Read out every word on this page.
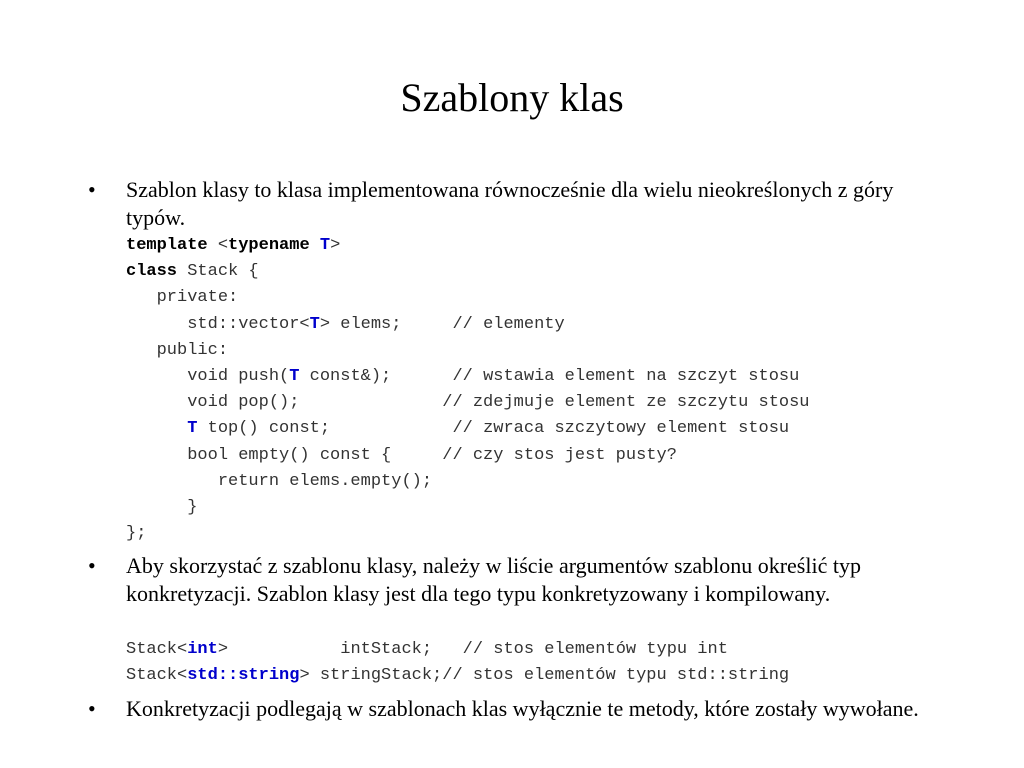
Szablony klas
• Szablon klasy to klasa implementowana równocześnie dla wielu nieokreślonych z góry typów.
template <typename T>
class Stack {
private:
std::vector<T> elems;     // elementy
public:
void push(T const&);      // wstawia element na szczyt stosu
void pop();              // zdejmuje element ze szczytu stosu
T top() const;            // zwraca szczytowy element stosu
bool empty() const {     // czy stos jest pusty?
return elems.empty();
}
};
• Aby skorzystać z szablonu klasy, należy w liście argumentów szablonu określić typ konkretyzacji. Szablon klasy jest dla tego typu konkretyzowany i kompilowany.
Stack<int>           intStack;   // stos elementów typu int
Stack<std::string> stringStack;// stos elementów typu std::string
• Konkretyzacji podlegają w szablonach klas wyłącznie te metody, które zostały wywołane.
